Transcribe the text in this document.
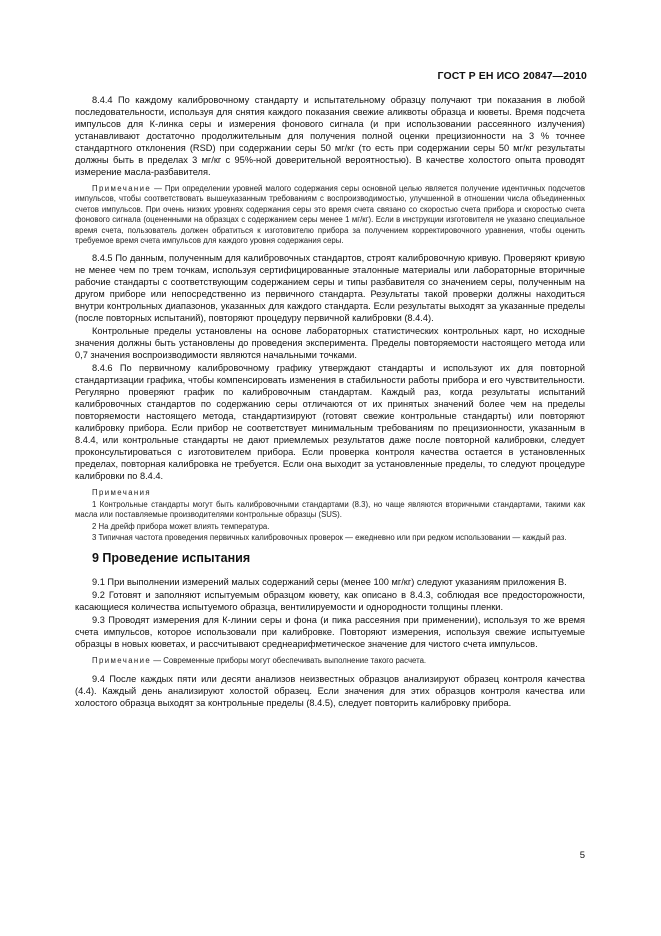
ГОСТ Р ЕН ИСО 20847—2010

8.4.4 По каждому калибровочному стандарту и испытательному образцу получают три показания в любой последовательности, используя для снятия каждого показания свежие аликвоты образца и кюветы. Время подсчета импульсов для К-линка серы и измерения фонового сигнала (и при использовании рассеянного излучения) устанавливают достаточно продолжительным для получения полной оценки прецизионности на 3 % точнее стандартного отклонения (RSD) при содержании серы 50 мг/кг (то есть при содержании серы 50 мг/кг результаты должны быть в пределах 3 мг/кг с 95%-ной доверительной вероятностью). В качестве холостого опыта проводят измерение масла-разбавителя.

Примечание — При определении уровней малого содержания серы основной целью является получение идентичных подсчетов импульсов, чтобы соответствовать вышеуказанным требованиям с воспроизводимостью, улучшенной в отношении числа объединенных счетов импульсов. При очень низких уровнях содержания серы это время счета связано со скоростью счета прибора и скоростью счета фонового сигнала (оцененными на образцах с содержанием серы менее 1 мг/кг). Если в инструкции изготовителя не указано специальное время счета, пользователь должен обратиться к изготовителю прибора за получением корректировочного уравнения, чтобы оценить требуемое время счета импульсов для каждого уровня содержания серы.

8.4.5 По данным, полученным для калибровочных стандартов, строят калибровочную кривую. Проверяют кривую не менее чем по трем точкам, используя сертифицированные эталонные материалы или лабораторные вторичные рабочие стандарты с соответствующим содержанием серы и типы разбавителя со значением серы, полученным на другом приборе или непосредственно из первичного стандарта. Результаты такой проверки должны находиться внутри контрольных диапазонов, указанных для каждого стандарта. Если результаты выходят за указанные пределы (после повторных испытаний), повторяют процедуру первичной калибровки (8.4.4).

Контрольные пределы установлены на основе лабораторных статистических контрольных карт, но исходные значения должны быть установлены до проведения эксперимента. Пределы повторяемости настоящего метода или 0,7 значения воспроизводимости являются начальными точками.

8.4.6 По первичному калибровочному графику утверждают стандарты и используют их для повторной стандартизации графика, чтобы компенсировать изменения в стабильности работы прибора и его чувствительности. Регулярно проверяют график по калибровочным стандартам. Каждый раз, когда результаты испытаний калибровочных стандартов по содержанию серы отличаются от их принятых значений более чем на пределы повторяемости настоящего метода, стандартизируют (готовят свежие контрольные стандарты) или повторяют калибровку прибора. Если прибор не соответствует минимальным требованиям по прецизионности, указанным в 8.4.4, или контрольные стандарты не дают приемлемых результатов даже после повторной калибровки, следует проконсультироваться с изготовителем прибора. Если проверка контроля качества остается в установленных пределах, повторная калибровка не требуется. Если она выходит за установленные пределы, то следуют процедуре калибровки по 8.4.4.

Примечания

1 Контрольные стандарты могут быть калибровочными стандартами (8.3), но чаще являются вторичными стандартами, такими как масла или поставляемые производителями контрольные образцы (SUS).

2 На дрейф прибора может влиять температура.

3 Типичная частота проведения первичных калибровочных проверок — ежедневно или при редком использовании — каждый раз.

9 Проведение испытания

9.1 При выполнении измерений малых содержаний серы (менее 100 мг/кг) следуют указаниям приложения В.

9.2 Готовят и заполняют испытуемым образцом кювету, как описано в 8.4.3, соблюдая все предосторожности, касающиеся количества испытуемого образца, вентилируемости и однородности толщины пленки.

9.3 Проводят измерения для К-линии серы и фона (и пика рассеяния при применении), используя то же время счета импульсов, которое использовали при калибровке. Повторяют измерения, используя свежие испытуемые образцы в новых кюветах, и рассчитывают среднеарифметическое значение для чистого счета импульсов.

Примечание — Современные приборы могут обеспечивать выполнение такого расчета.

9.4 После каждых пяти или десяти анализов неизвестных образцов анализируют образец контроля качества (4.4). Каждый день анализируют холостой образец. Если значения для этих образцов контроля качества или холостого образца выходят за контрольные пределы (8.4.5), следует повторить калибровку прибора.

5
